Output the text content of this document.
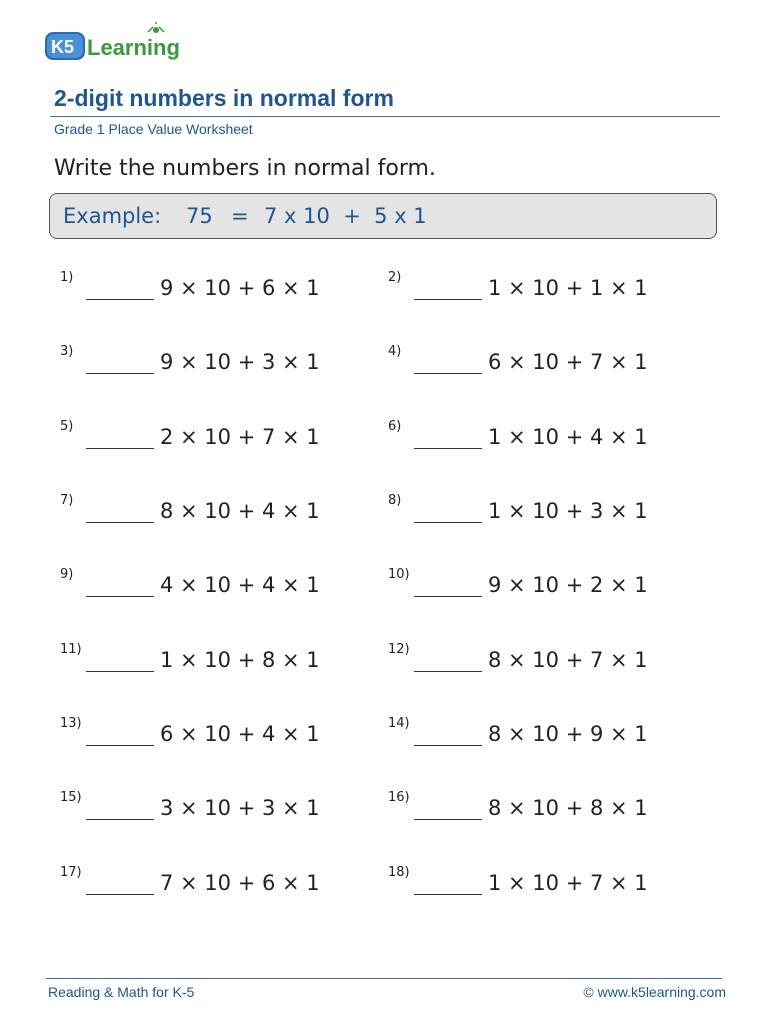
K5 Learning
2-digit numbers in normal form
Grade 1 Place Value Worksheet
Write the numbers in normal form.
Example: 75 = 7 x 10  +  5 x 1
1)	9 × 10 + 6 × 1	2)	1 × 10 + 1 × 1
3)	9 × 10 + 3 × 1	4)	6 × 10 + 7 × 1
5)	2 × 10 + 7 × 1	6)	1 × 10 + 4 × 1
7)	8 × 10 + 4 × 1	8)	1 × 10 + 3 × 1
9)	4 × 10 + 4 × 1	10)	9 × 10 + 2 × 1
11)	1 × 10 + 8 × 1	12)	8 × 10 + 7 × 1
13)	6 × 10 + 4 × 1	14)	8 × 10 + 9 × 1
15)	3 × 10 + 3 × 1	16)	8 × 10 + 8 × 1
17)	7 × 10 + 6 × 1	18)	1 × 10 + 7 × 1
Reading & Math for K-5	© www.k5learning.com
